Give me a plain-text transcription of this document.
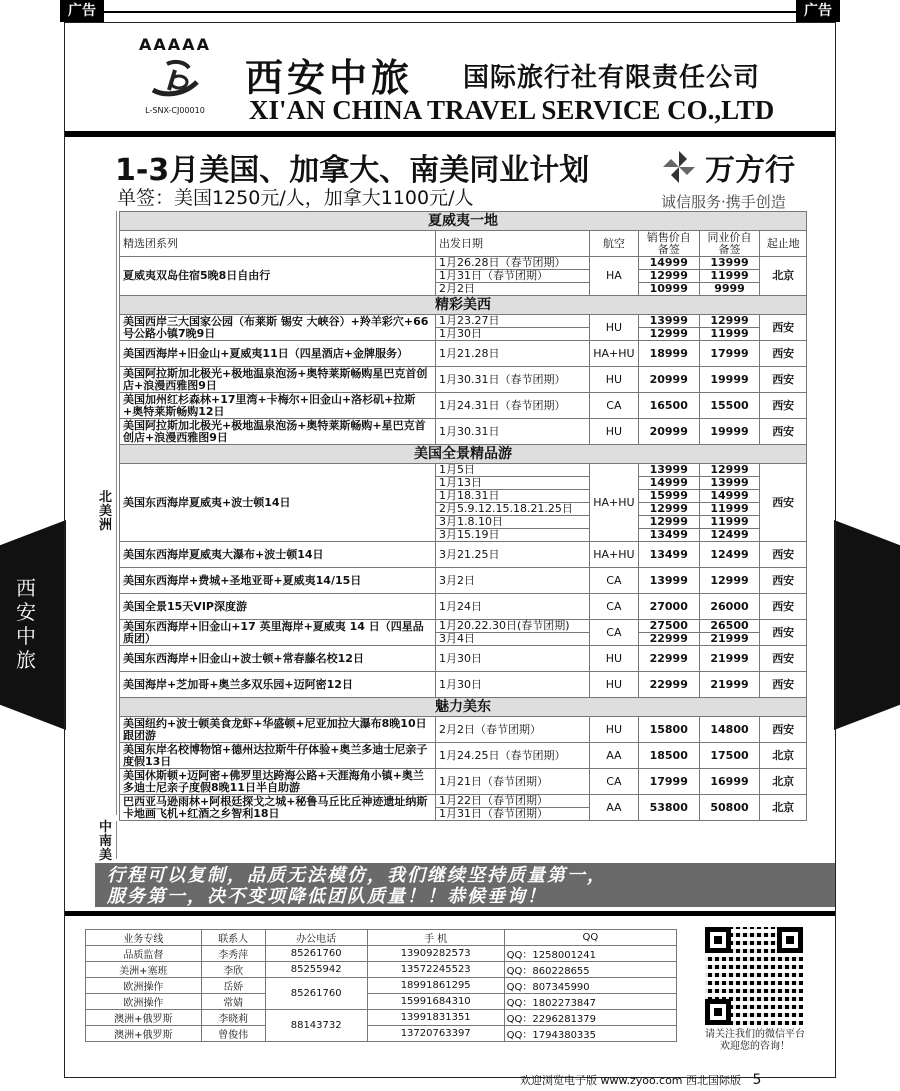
广告	广告
西安中旅
AAAAA
L-SNX-CJ00010
西安中旅 国际旅行社有限责任公司
XI'AN CHINA TRAVEL SERVICE CO.,LTD
1-3月美国、加拿大、南美同业计划
单签：美国1250元/人，加拿大1100元/人
万方行
诚信服务·携手创造
北美洲
中南美
夏威夷一地					
精选团系列	出发日期	航空	销售价自备签	同业价自备签	起止地
夏威夷双岛住宿5晚8日自由行	1月26.28日（春节团期）	HA	14999	13999	北京
	1月31日（春节团期）		12999	11999	
	2月2日		10999	9999	
精彩美西					
美国西岸三大国家公园（布莱斯 锡安 大峡谷）+羚羊彩穴+66号公路小镇7晚9日	1月23.27日	HU	13999	12999	西安
	1月30日		12999	11999	
美国西海岸+旧金山+夏威夷11日（四星酒店+金牌服务）	1月21.28日	HA+HU	18999	17999	西安
美国阿拉斯加北极光+极地温泉泡汤+奥特莱斯畅购星巴克首创店+浪漫西雅图9日	1月30.31日（春节团期）	HU	20999	19999	西安
美国加州红杉森林+17里湾+卡梅尔+旧金山+洛杉矶+拉斯+奥特莱斯畅购12日	1月24.31日（春节团期）	CA	16500	15500	西安
美国阿拉斯加北极光+极地温泉泡汤+奥特莱斯畅购+星巴克首创店+浪漫西雅图9日	1月30.31日	HU	20999	19999	西安
美国全景精品游					
美国东西海岸夏威夷+波士顿14日	1月5日	HA+HU	13999	12999	西安
	1月13日		14999	13999	
	1月18.31日		15999	14999	
	2月5.9.12.15.18.21.25日		12999	11999	
	3月1.8.10日		12999	11999	
	3月15.19日		13499	12499	
美国东西海岸夏威夷大瀑布+波士顿14日	3月21.25日	HA+HU	13499	12499	西安
美国东西海岸+费城+圣地亚哥+夏威夷14/15日	3月2日	CA	13999	12999	西安
美国全景15天VIP深度游	1月24日	CA	27000	26000	西安
美国东西海岸+旧金山+17 英里海岸+夏威夷 14 日（四星品质团）	1月20.22.30日(春节团期)	CA	27500	26500	西安
	3月4日		22999	21999	
美国东西海岸+旧金山+波士顿+常春藤名校12日	1月30日	HU	22999	21999	西安
美国海岸+芝加哥+奥兰多双乐园+迈阿密12日	1月30日	HU	22999	21999	西安
魅力美东					
美国纽约+波士顿美食龙虾+华盛顿+尼亚加拉大瀑布8晚10日跟团游	2月2日（春节团期）	HU	15800	14800	西安
美国东岸名校博物馆+德州达拉斯牛仔体验+奥兰多迪士尼亲子度假13日	1月24.25日（春节团期）	AA	18500	17500	北京
美国休斯顿+迈阿密+佛罗里达跨海公路+天涯海角小镇+奥兰多迪士尼亲子度假8晚11日半自助游	1月21日（春节团期）	CA	17999	16999	北京
巴西亚马逊雨林+阿根廷探戈之城+秘鲁马丘比丘神迹遗址纳斯卡地画飞机+红酒之乡智利18日	1月22日（春节团期）	AA	53800	50800	北京
	1月31日（春节团期）				
行程可以复制，品质无法模仿，我们继续坚持质量第一，
服务第一，决不变项降低团队质量！！恭候垂询！
业务专线	联系人	办公电话	手 机	QQ
品质监督	李秀萍	85261760	13909282573	QQ：1258001241
美洲+塞班	李欣	85255942	13572245523	QQ：860228655
欧洲操作	岳娇	85261760	18991861295	QQ：807345990
欧洲操作	常婧		15991684310	QQ：1802273847
澳洲+俄罗斯	李晓莉	88143732	13991831351	QQ：2296281379
澳洲+俄罗斯	曾俊伟		13720763397	QQ：1794380335	请关注我们的微信平台
欢迎您的咨询！
欢迎浏览电子版 www.zyoo.com 西北国际版 5
